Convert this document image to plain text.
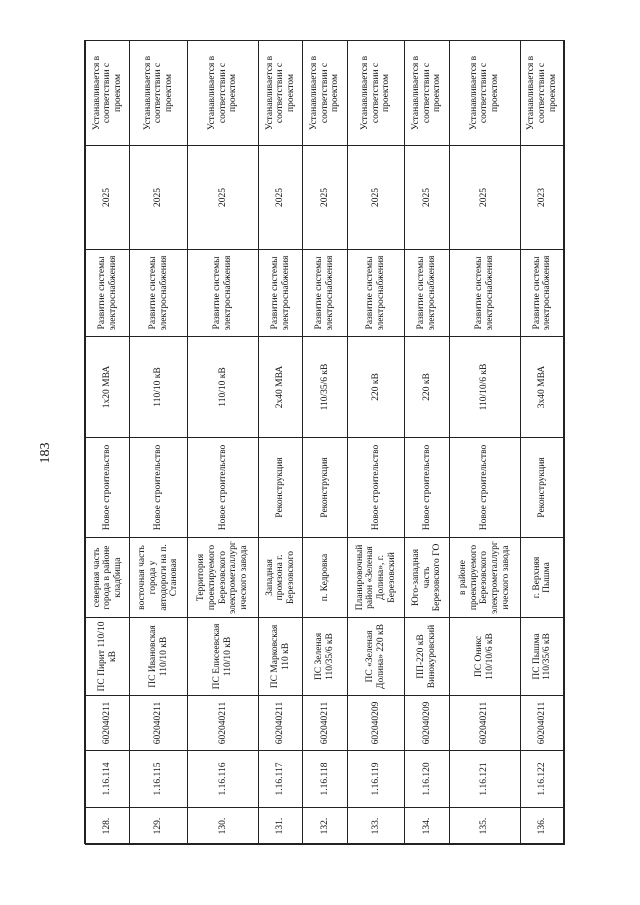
183
128.	1.16.114	602040211	ПС Пирит 110/10 кВ	северная часть города в районе кладбища	Новое строительство	1х20 МВА	Развитие системы электроснабжения	2025	Устанавливается в соответствии с проектом
129.	1.16.115	602040211	ПС Ивановская 110/10 кВ	восточная часть города у автодороги на п. Становая	Новое строительство	110/10 кВ	Развитие системы электроснабжения	2025	Устанавливается в соответствии с проектом
130.	1.16.116	602040211	ПС Елисеевская 110/10 кВ	Территория проектируемого Березовского электрометаллургического завода	Новое строительство	110/10 кВ	Развитие системы электроснабжения	2025	Устанавливается в соответствии с проектом
131.	1.16.117	602040211	ПС Марковская 110 кВ	Западная промзона г. Березовского	Реконструкция	2х40 МВА	Развитие системы электроснабжения	2025	Устанавливается в соответствии с проектом
132.	1.16.118	602040211	ПС Зеленая 110/35/6 кВ	п. Кедровка	Реконструкция	110/35/6 кВ	Развитие системы электроснабжения	2025	Устанавливается в соответствии с проектом
133.	1.16.119	602040209	ПС «Зеленая Долина» 220 кВ	Планировочный район «Зеленая Долина», г. Березовский	Новое строительство	220 кВ	Развитие системы электроснабжения	2025	Устанавливается в соответствии с проектом
134.	1.16.120	602040209	ПП-220 кВ Винокуровский	Юго-западная часть Березовского ГО	Новое строительство	220 кВ	Развитие системы электроснабжения	2025	Устанавливается в соответствии с проектом
135.	1.16.121	602040211	ПС Оникс 110/10/6 кВ	в районе проектируемого Березовского электрометаллургического завода	Новое строительство	110/10/6 кВ	Развитие системы электроснабжения	2025	Устанавливается в соответствии с проектом
136.	1.16.122	602040211	ПС Пышма 110/35/6 кВ	г. Верхняя Пышма	Реконструкция	3х40 МВА	Развитие системы электроснабжения	2023	Устанавливается в соответствии с проектом
